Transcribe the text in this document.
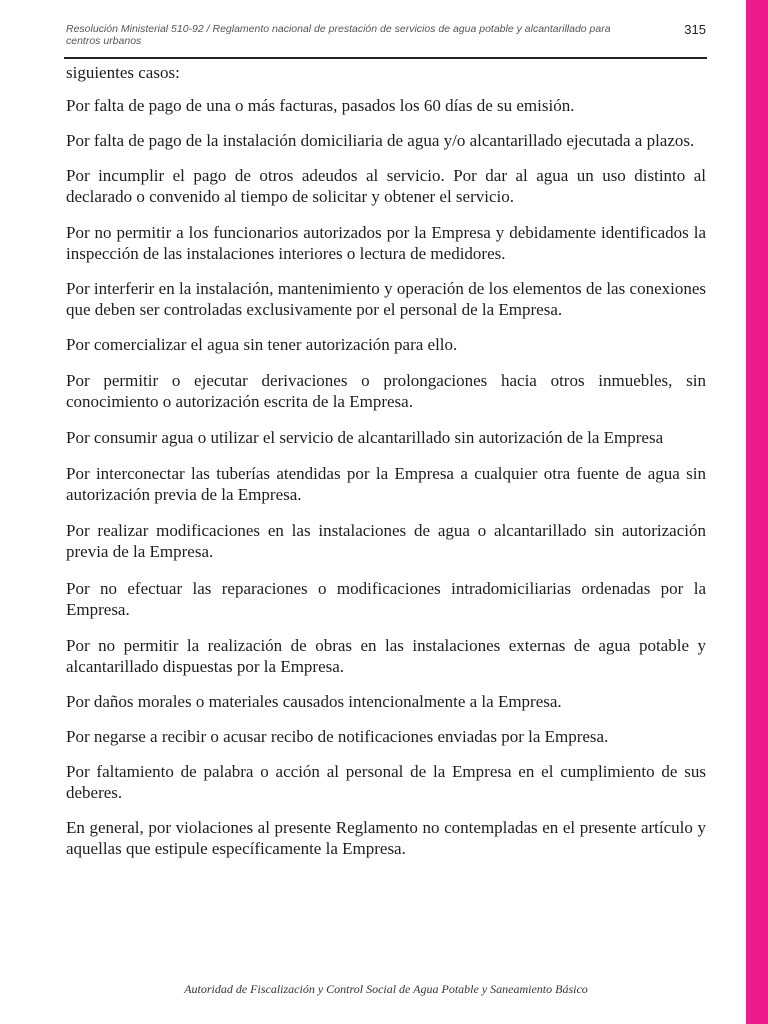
Resolución Ministerial 510-92 / Reglamento nacional de prestación de servicios de agua potable y alcantarillado para centros urbanos
315

siguientes casos:

Por falta de pago de una o más facturas, pasados los 60 días de su emisión.

Por falta de pago de la instalación domiciliaria de agua y/o alcantarillado ejecutada a plazos.

Por incumplir el pago de otros adeudos al servicio. Por dar al agua un uso distinto al declarado o convenido al tiempo de solicitar y obtener el servicio.

Por no permitir a los funcionarios autorizados por la Empresa y debidamente identificados la inspección de las instalaciones interiores o lectura de medidores.

Por interferir en la instalación, mantenimiento y operación de los elementos de las conexiones que deben ser controladas exclusivamente por el personal de la Empresa.

Por comercializar el agua sin tener autorización para ello.

Por permitir o ejecutar derivaciones o prolongaciones hacia otros inmuebles, sin conocimiento o autorización escrita de la Empresa.

Por consumir agua o utilizar el servicio de alcantarillado sin autorización de la Empresa

Por interconectar las tuberías atendidas por la Empresa a cualquier otra fuente de agua sin autorización previa de la Empresa.

Por realizar modificaciones en las instalaciones de agua o alcantarillado sin autorización previa de la Empresa.

Por no efectuar las reparaciones o modificaciones intradomiciliarias ordenadas por la Empresa.

Por no permitir la realización de obras en las instalaciones externas de agua potable y alcantarillado dispuestas por la Empresa.

Por daños morales o materiales causados intencionalmente a la Empresa.

Por negarse a recibir o acusar recibo de notificaciones enviadas por la Empresa.

Por faltamiento de palabra o acción al personal de la Empresa en el cumplimiento de sus deberes.

En general, por violaciones al presente Reglamento no contempladas en el presente artículo y aquellas que estipule específicamente la Empresa.

Autoridad de Fiscalización y Control Social de Agua Potable y Saneamiento Básico
